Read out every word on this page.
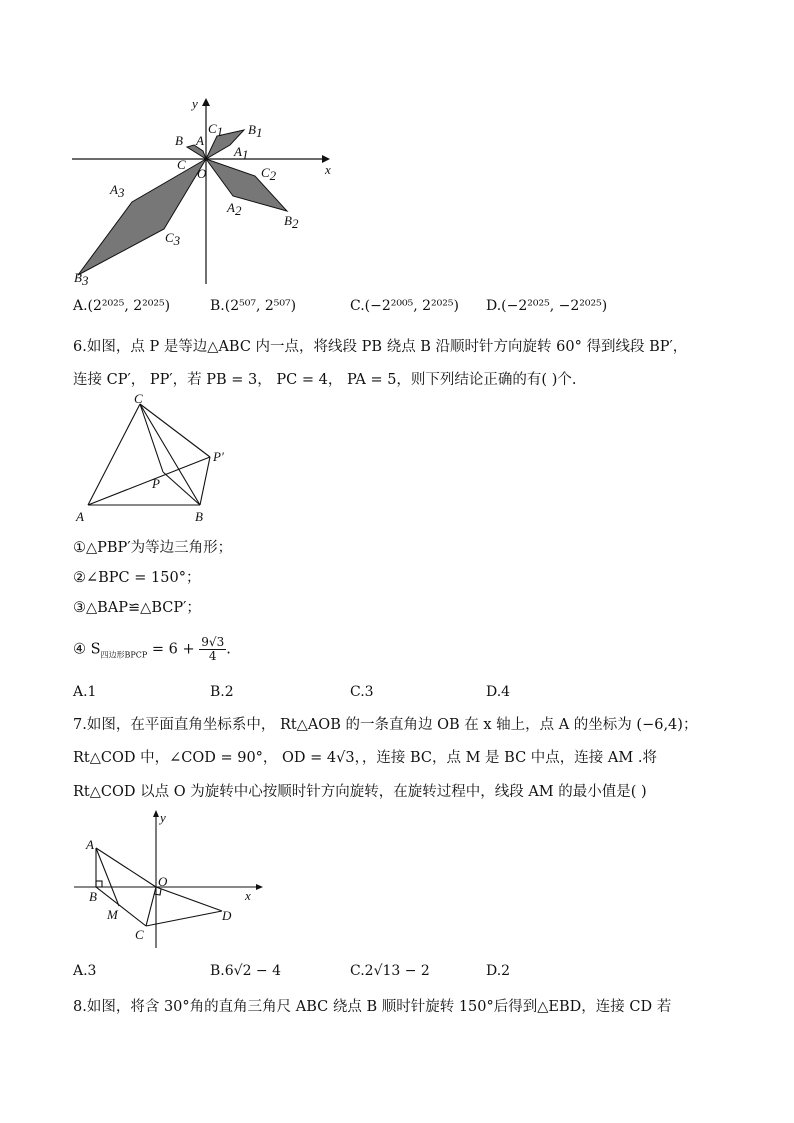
x
y
O
B A
C
C1 B1
A1
C2
A2
B2
A3
C3
B3
A.(2²⁰²⁵, 2²⁰²⁵)	B.(2⁵⁰⁷, 2⁵⁰⁷)	C.(−2²⁰⁰⁵, 2²⁰²⁵) D.(−2²⁰²⁵, −2²⁰²⁵)
6.如图，点 P 是等边△ABC 内一点，将线段 PB 绕点 B 沿顺时针方向旋转 60° 得到线段 BP′，
连接 CP′， PP′，若 PB = 3， PC = 4， PA = 5，则下列结论正确的有( )个.
A	B
C
P
P′
①△PBP′为等边三角形；
②∠BPC = 150°；
③△BAP≌△BCP′；
④ $S_{四边形BPCP} = 6 + \frac{9√3}{4}$ .
A.1	B.2	C.3	D.4
7.如图，在平面直角坐标系中， Rt△AOB 的一条直角边 OB 在 x 轴上，点 A 的坐标为 (−6,4)；
Rt△COD 中，∠COD = 90°， OD = 4√3，，连接 BC，点 M 是 BC 中点，连接 AM .将
Rt△COD 以点 O 为旋转中心按顺时针方向旋转，在旋转过程中，线段 AM 的最小值是( )
A
B
O
M
C
D
x
y
A.3	B.6√2 − 4	C.2√13 − 2	D.2
8.如图，将含 30°角的直角三角尺 ABC 绕点 B 顺时针旋转 150°后得到△EBD，连接 CD 若
